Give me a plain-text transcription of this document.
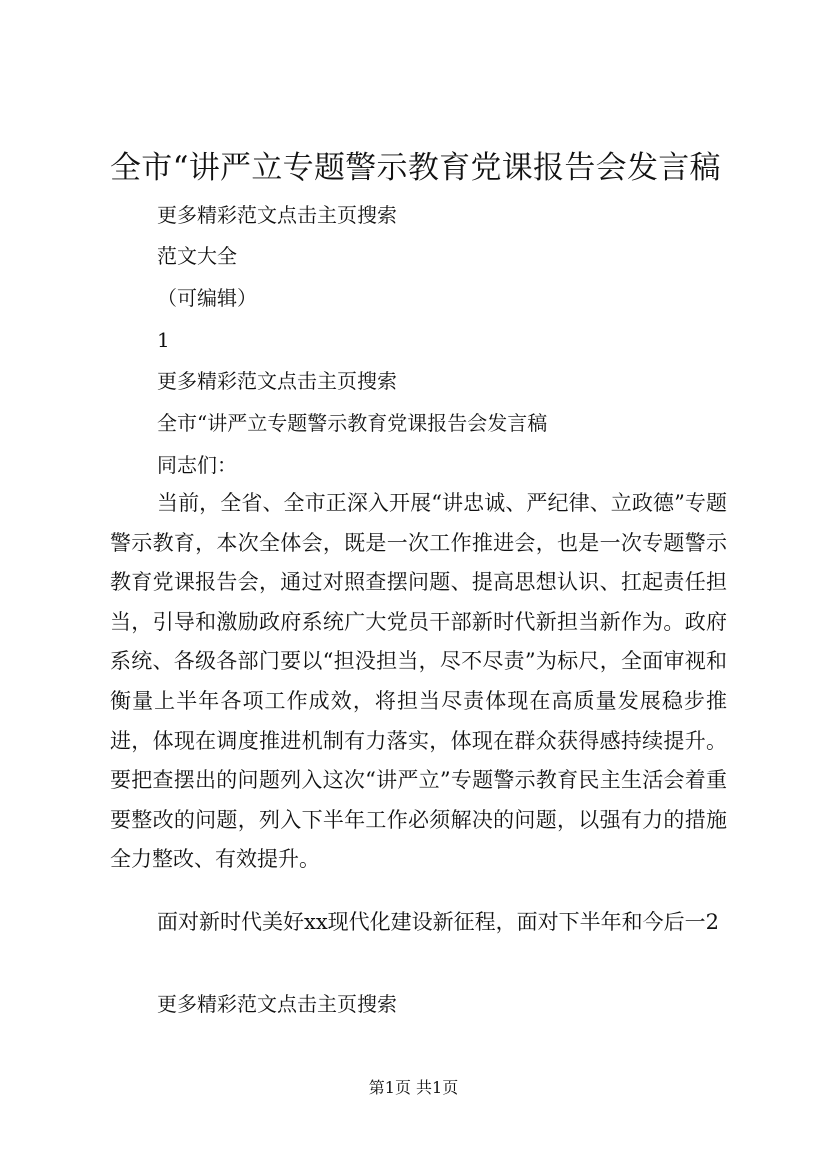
全市“讲严立专题警示教育党课报告会发言稿
更多精彩范文点击主页搜索
范文大全
（可编辑）
1
更多精彩范文点击主页搜索
全市“讲严立专题警示教育党课报告会发言稿
同志们：

当前，全省、全市正深入开展“讲忠诚、严纪律、立政德”专题警示教育，本次全体会，既是一次工作推进会，也是一次专题警示教育党课报告会，通过对照查摆问题、提高思想认识、扛起责任担当，引导和激励政府系统广大党员干部新时代新担当新作为。政府系统、各级各部门要以“担没担当，尽不尽责”为标尺，全面审视和衡量上半年各项工作成效，将担当尽责体现在高质量发展稳步推进，体现在调度推进机制有力落实，体现在群众获得感持续提升。要把查摆出的问题列入这次“讲严立”专题警示教育民主生活会着重要整改的问题，列入下半年工作必须解决的问题，以强有力的措施全力整改、有效提升。

面对新时代美好xx现代化建设新征程，面对下半年和今后一2

更多精彩范文点击主页搜索
第1页 共1页
